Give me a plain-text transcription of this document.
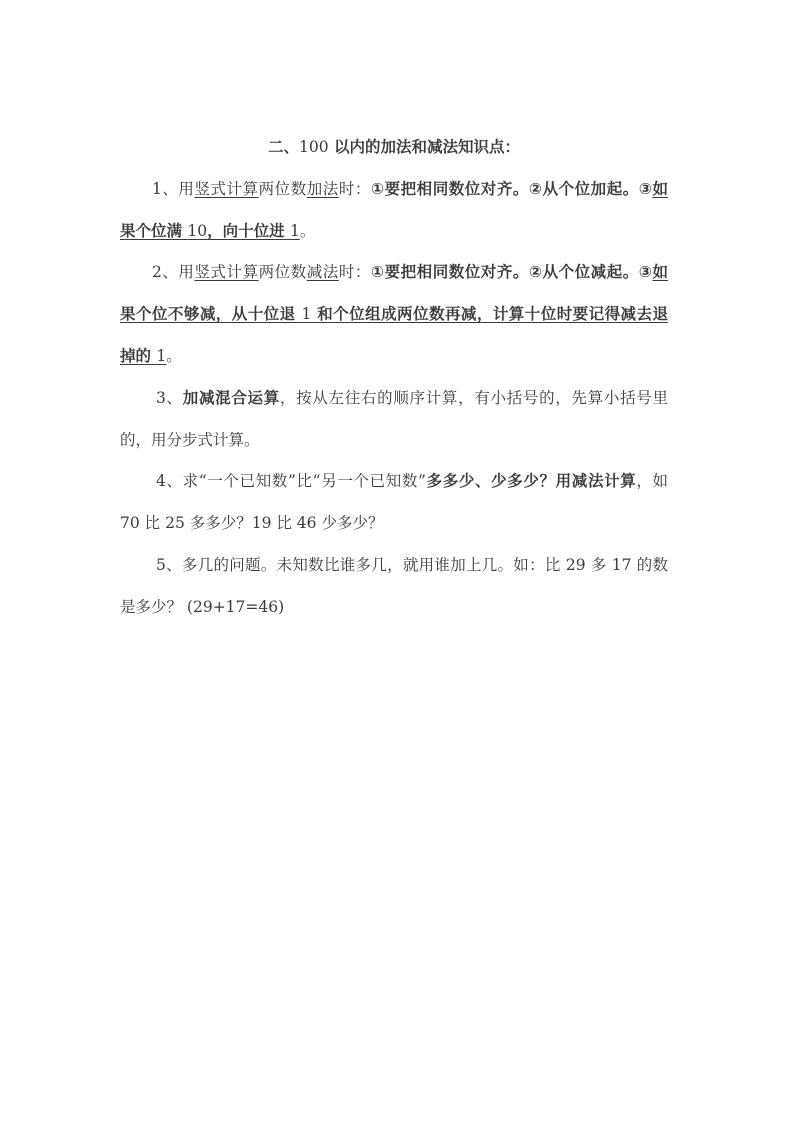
二、100 以内的加法和减法知识点：
1、用竖式计算两位数加法时：①要把相同数位对齐。②从个位加起。③如
果个位满 10，向十位进 1。
2、用竖式计算两位数减法时：①要把相同数位对齐。②从个位减起。③如
果个位不够减，从十位退 1 和个位组成两位数再减，计算十位时要记得减去退
掉的 1。
3、加减混合运算，按从左往右的顺序计算，有小括号的，先算小括号里
的，用分步式计算。
4、求“一个已知数”比“另一个已知数”多多少、少多少？用减法计算，如
70 比 25 多多少？19 比 46 少多少？
5、多几的问题。未知数比谁多几，就用谁加上几。如：比 29 多 17 的数
是多少？ (29+17=46)
